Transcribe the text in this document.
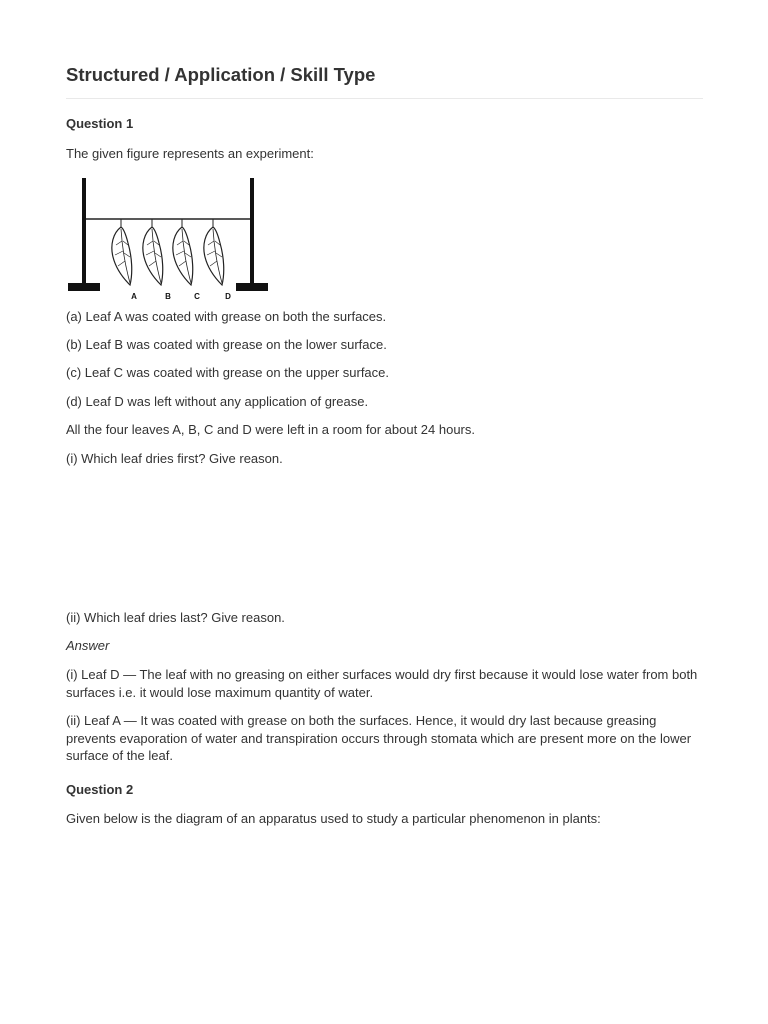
Structured / Application / Skill Type

Question 1

The given figure represents an experiment:

A	B	C	D

(a) Leaf A was coated with grease on both the surfaces.

(b) Leaf B was coated with grease on the lower surface.

(c) Leaf C was coated with grease on the upper surface.

(d) Leaf D was left without any application of grease.

All the four leaves A, B, C and D were left in a room for about 24 hours.

(i) Which leaf dries first? Give reason.

(ii) Which leaf dries last? Give reason.

Answer

(i) Leaf D — The leaf with no greasing on either surfaces would dry first because it would lose water from both surfaces i.e. it would lose maximum quantity of water.

(ii) Leaf A — It was coated with grease on both the surfaces. Hence, it would dry last because greasing prevents evaporation of water and transpiration occurs through stomata which are present more on the lower surface of the leaf.

Question 2

Given below is the diagram of an apparatus used to study a particular phenomenon in plants:
